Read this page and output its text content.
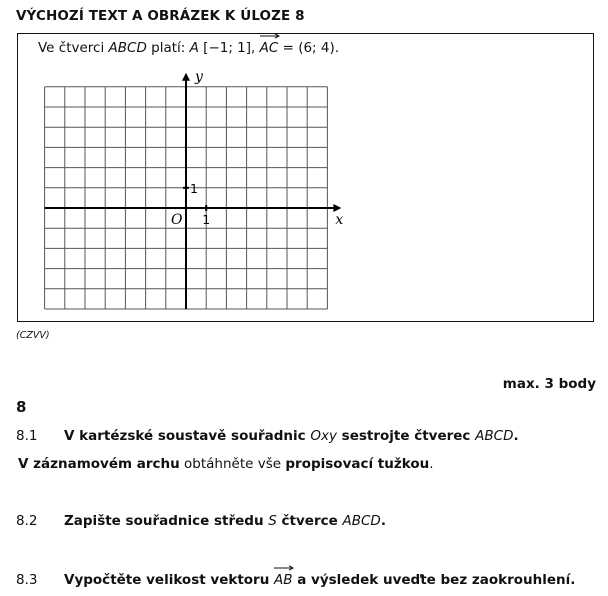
VÝCHOZÍ TEXT A OBRÁZEK K ÚLOZE 8
Ve čtverci ABCD platí: A [−1; 1], AC = (6; 4).
x
y
O 1
1
(CZVV)
max. 3 body
8
8.1 V kartézské soustavě souřadnic Oxy sestrojte čtverec ABCD.
V záznamovém archu obtáhněte vše propisovací tužkou.
8.2 Zapište souřadnice středu S čtverce ABCD.
8.3 Vypočtěte velikost vektoru
AB a výsledek uveďte bez zaokrouhlení.
